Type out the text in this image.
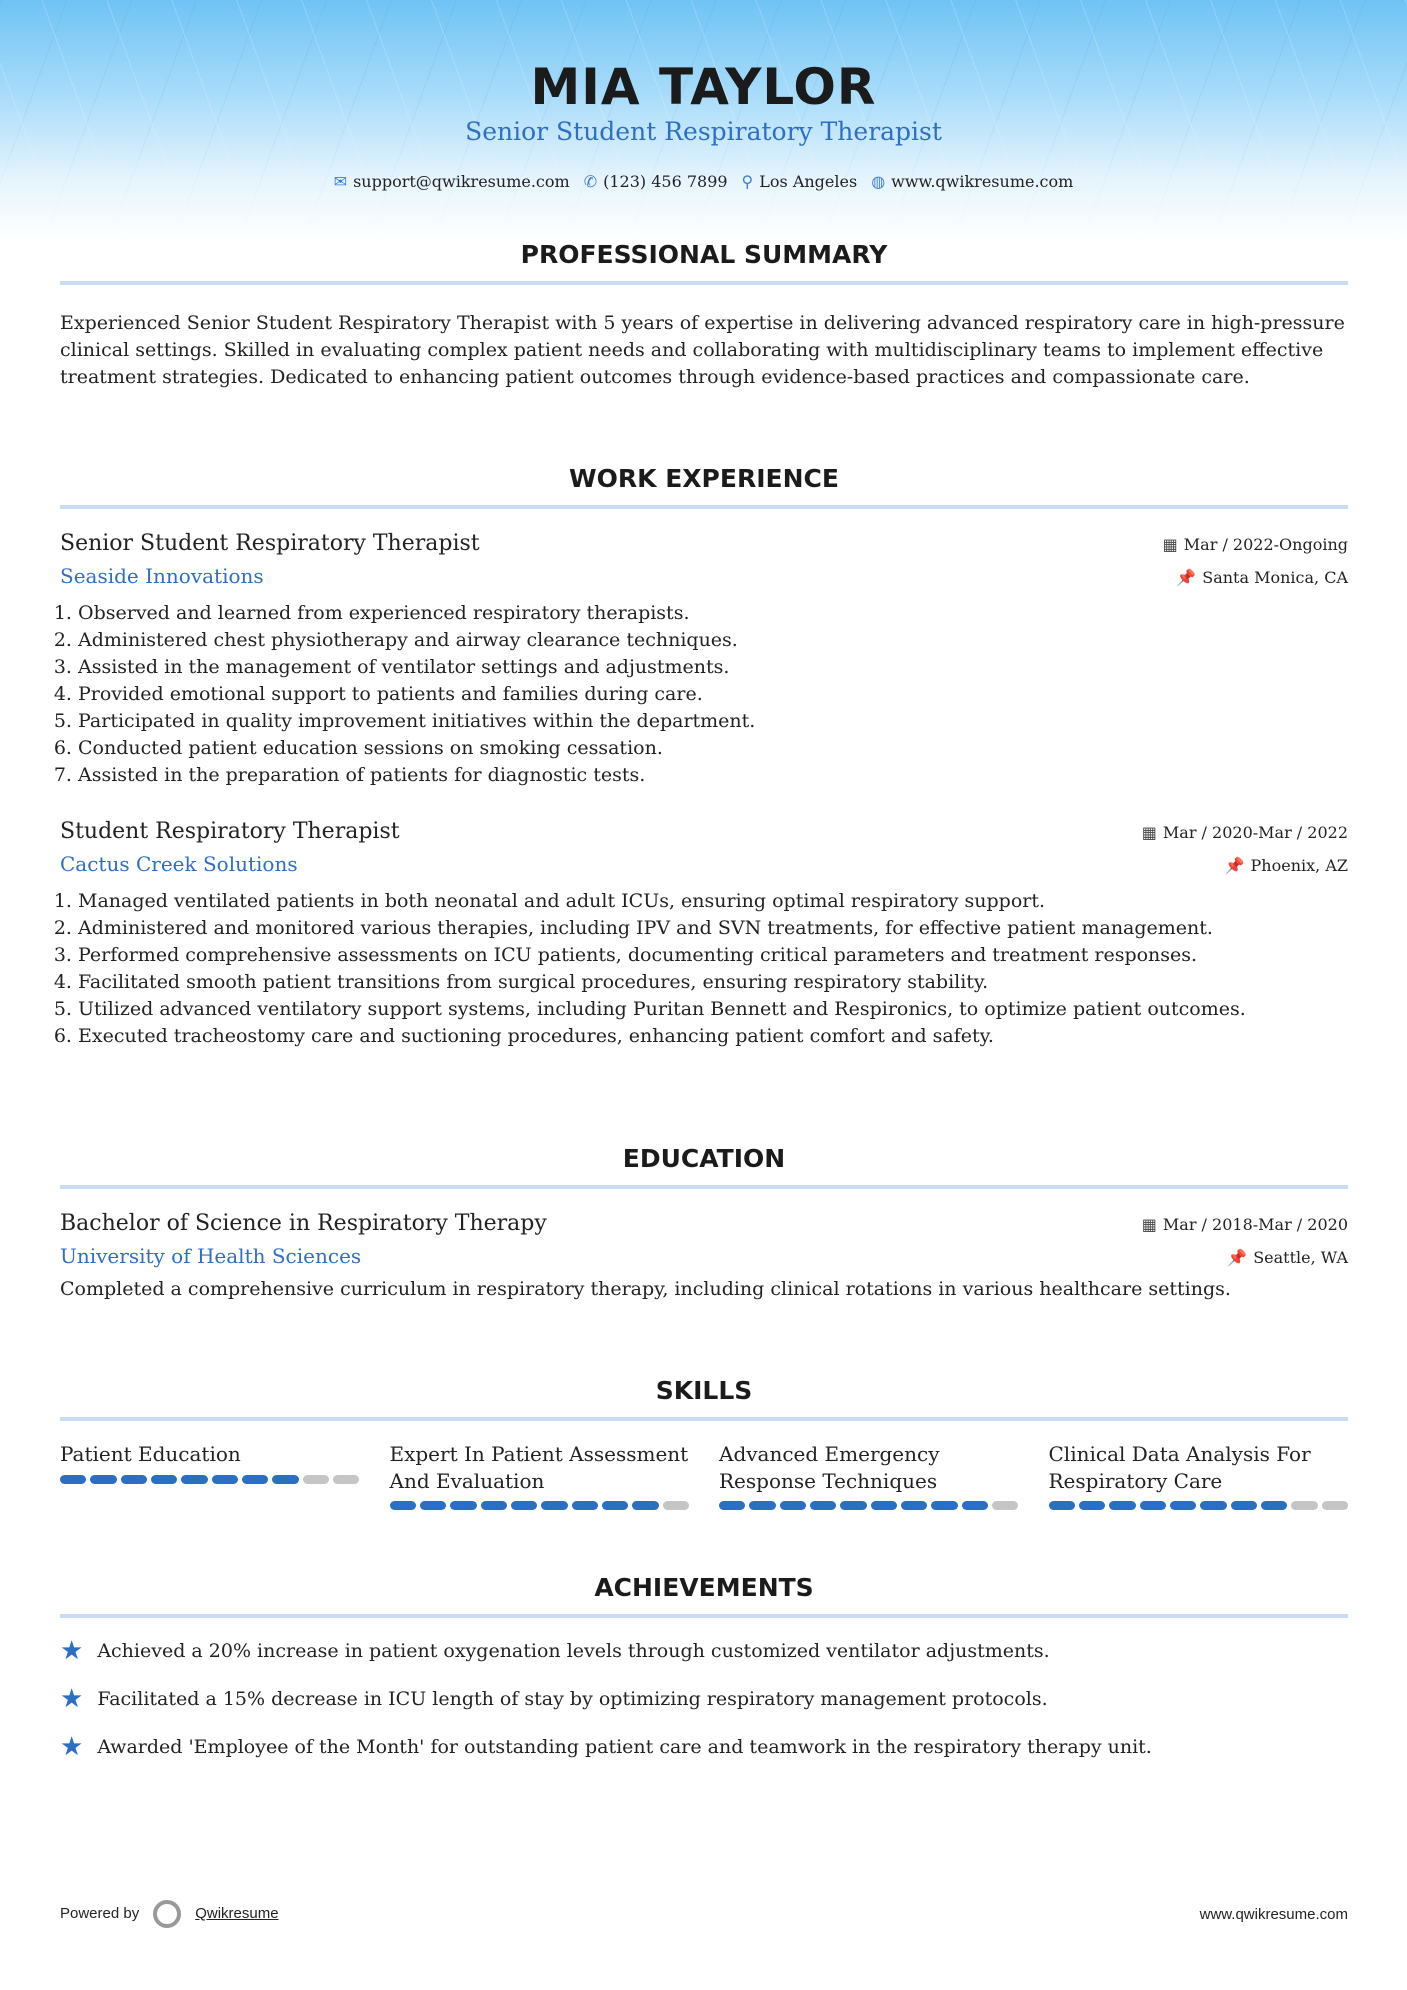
MIA TAYLOR
Senior Student Respiratory Therapist
✉ support@qwikresume.com ✆ (123) 456 7899 ⚲ Los Angeles ◍ www.qwikresume.com
PROFESSIONAL SUMMARY

Experienced Senior Student Respiratory Therapist with 5 years of expertise in delivering advanced respiratory care in high-pressure clinical settings. Skilled in evaluating complex patient needs and collaborating with multidisciplinary teams to implement effective treatment strategies. Dedicated to enhancing patient outcomes through evidence-based practices and compassionate care.

WORK EXPERIENCE
Senior Student Respiratory Therapist	▦ Mar / 2022-Ongoing
Seaside Innovations	📌 Santa Monica, CA
1. Observed and learned from experienced respiratory therapists.
2. Administered chest physiotherapy and airway clearance techniques.
3. Assisted in the management of ventilator settings and adjustments.
4. Provided emotional support to patients and families during care.
5. Participated in quality improvement initiatives within the department.
6. Conducted patient education sessions on smoking cessation.
7. Assisted in the preparation of patients for diagnostic tests.
Student Respiratory Therapist	▦ Mar / 2020-Mar / 2022
Cactus Creek Solutions	📌 Phoenix, AZ
1. Managed ventilated patients in both neonatal and adult ICUs, ensuring optimal respiratory support.
2. Administered and monitored various therapies, including IPV and SVN treatments, for effective patient management.
3. Performed comprehensive assessments on ICU patients, documenting critical parameters and treatment responses.
4. Facilitated smooth patient transitions from surgical procedures, ensuring respiratory stability.
5. Utilized advanced ventilatory support systems, including Puritan Bennett and Respironics, to optimize patient outcomes.
6. Executed tracheostomy care and suctioning procedures, enhancing patient comfort and safety.
EDUCATION
Bachelor of Science in Respiratory Therapy	▦ Mar / 2018-Mar / 2020
University of Health Sciences	📌 Seattle, WA

Completed a comprehensive curriculum in respiratory therapy, including clinical rotations in various healthcare settings.

SKILLS
Patient Education	Expert In Patient Assessment And Evaluation
Advanced Emergency Response Techniques
Clinical Data Analysis For Respiratory Care
ACHIEVEMENTS
★ Achieved a 20% increase in patient oxygenation levels through customized ventilator adjustments.
★ Facilitated a 15% decrease in ICU length of stay by optimizing respiratory management protocols.
★ Awarded 'Employee of the Month' for outstanding patient care and teamwork in the respiratory therapy unit.
Powered by	Qwikresume	www.qwikresume.com
